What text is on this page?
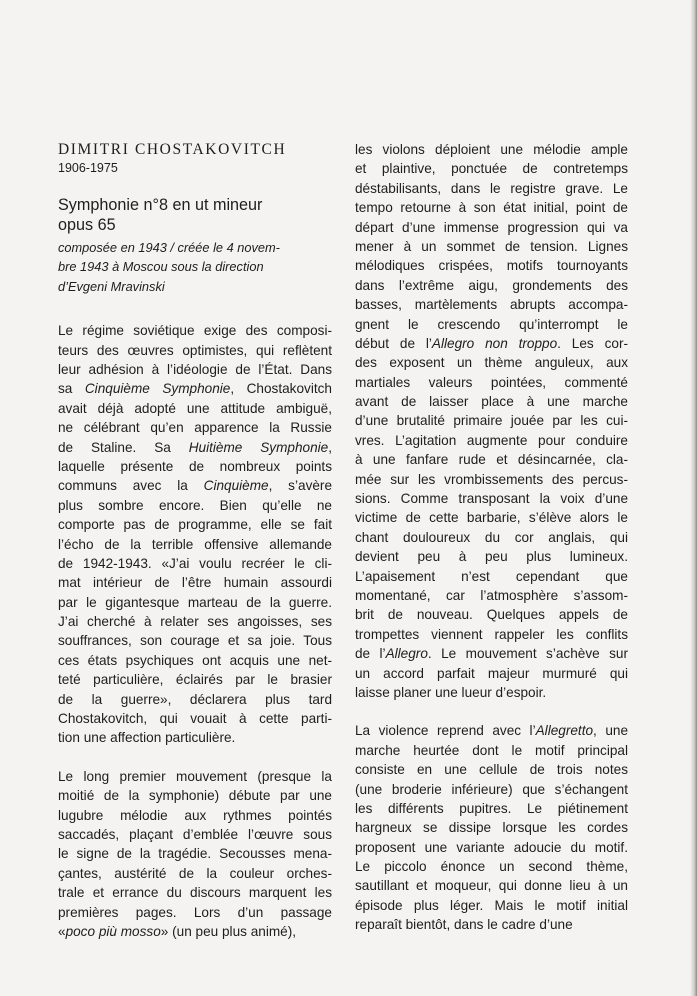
DIMITRI CHOSTAKOVITCH

1906-1975

Symphonie n°8 en ut mineur
opus 65

composée en 1943 / créée le 4 novem-
bre 1943 à Moscou sous la direction
d’Evgeni Mravinski

Le régime soviétique exige des composi-
teurs des œuvres optimistes, qui reflètent
leur adhésion à l’idéologie de l’État. Dans
sa Cinquième Symphonie, Chostakovitch
avait déjà adopté une attitude ambiguë,
ne célébrant qu’en apparence la Russie
de Staline. Sa Huitième Symphonie,
laquelle présente de nombreux points
communs avec la Cinquième, s’avère
plus sombre encore. Bien qu’elle ne
comporte pas de programme, elle se fait
l’écho de la terrible offensive allemande
de 1942-1943. «J’ai voulu recréer le cli-
mat intérieur de l’être humain assourdi
par le gigantesque marteau de la guerre.
J’ai cherché à relater ses angoisses, ses
souffrances, son courage et sa joie. Tous
ces états psychiques ont acquis une net-
teté particulière, éclairés par le brasier
de la guerre», déclarera plus tard
Chostakovitch, qui vouait à cette parti-
tion une affection particulière.
Le long premier mouvement (presque la
moitié de la symphonie) débute par une
lugubre mélodie aux rythmes pointés
saccadés, plaçant d’emblée l’œuvre sous
le signe de la tragédie. Secousses mena-
çantes, austérité de la couleur orches-
trale et errance du discours marquent les
premières pages. Lors d’un passage
«poco più mosso» (un peu plus animé),
les violons déploient une mélodie ample
et plaintive, ponctuée de contretemps
déstabilisants, dans le registre grave. Le
tempo retourne à son état initial, point de
départ d’une immense progression qui va
mener à un sommet de tension. Lignes
mélodiques crispées, motifs tournoyants
dans l’extrême aigu, grondements des
basses, martèlements abrupts accompa-
gnent le crescendo qu’interrompt le
début de l’Allegro non troppo. Les cor-
des exposent un thème anguleux, aux
martiales valeurs pointées, commenté
avant de laisser place à une marche
d’une brutalité primaire jouée par les cui-
vres. L’agitation augmente pour conduire
à une fanfare rude et désincarnée, cla-
mée sur les vrombissements des percus-
sions. Comme transposant la voix d’une
victime de cette barbarie, s’élève alors le
chant douloureux du cor anglais, qui
devient peu à peu plus lumineux.
L’apaisement n’est cependant que
momentané, car l’atmosphère s’assom-
brit de nouveau. Quelques appels de
trompettes viennent rappeler les conflits
de l’Allegro. Le mouvement s’achève sur
un accord parfait majeur murmuré qui
laisse planer une lueur d’espoir.
La violence reprend avec l’Allegretto, une
marche heurtée dont le motif principal
consiste en une cellule de trois notes
(une broderie inférieure) que s’échangent
les différents pupitres. Le piétinement
hargneux se dissipe lorsque les cordes
proposent une variante adoucie du motif.
Le piccolo énonce un second thème,
sautillant et moqueur, qui donne lieu à un
épisode plus léger. Mais le motif initial
reparaît bientôt, dans le cadre d’une
